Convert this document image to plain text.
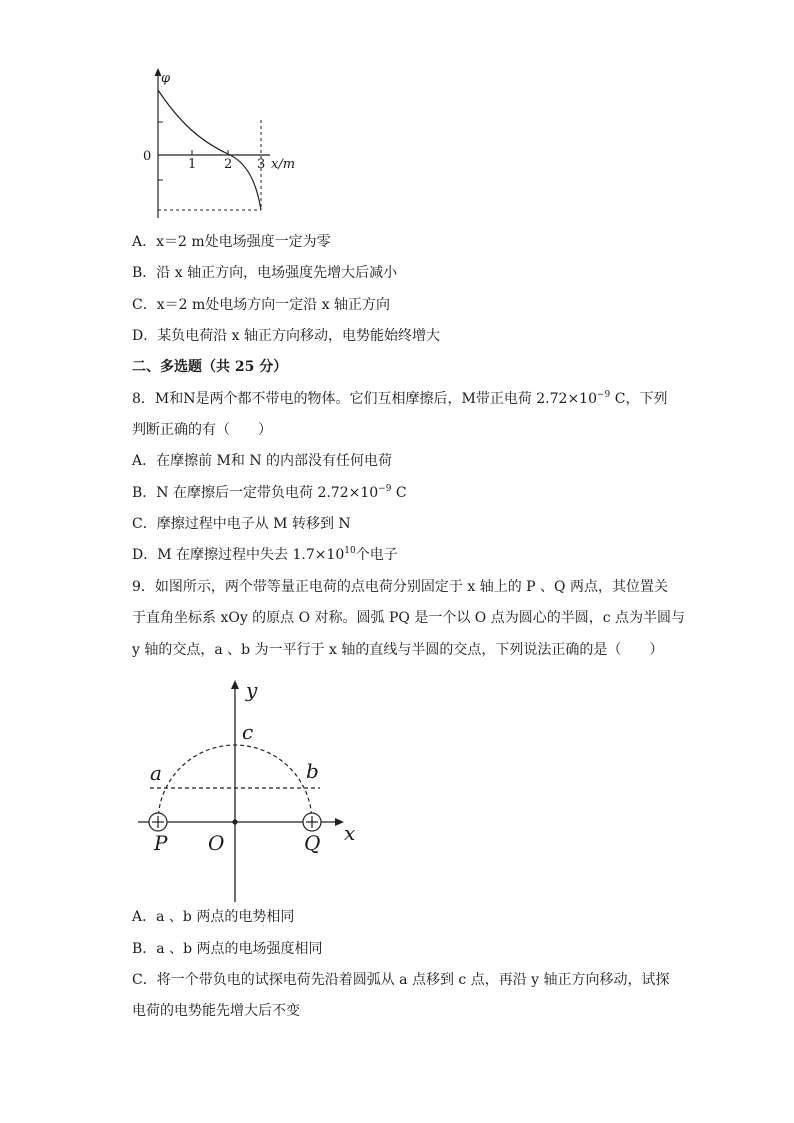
φ
0
1 2 3 x/m
A．x＝2 m处电场强度一定为零
B．沿 x 轴正方向，电场强度先增大后减小
C．x＝2 m处电场方向一定沿 x 轴正方向
D．某负电荷沿 x 轴正方向移动，电势能始终增大
二、多选题（共 25 分）
8．M和N是两个都不带电的物体。它们互相摩擦后，M带正电荷 $2.72\times 10^{-9}$ C，下列
判断正确的有（　　）
A．在摩擦前 M和 N 的内部没有任何电荷
B．N 在摩擦后一定带负电荷 $2.72\times 10^{-9}$ C
C．摩擦过程中电子从 M 转移到 N
D．M 在摩擦过程中失去 $1.7\times 10^{10}$个电子
9．如图所示，两个带等量正电荷的点电荷分别固定于 x 轴上的 P 、Q 两点，其位置关
于直角坐标系 xOy 的原点 O 对称。圆弧 PQ 是一个以 O 点为圆心的半圆，c 点为半圆与
y 轴的交点，a 、b 为一平行于 x 轴的直线与半圆的交点，下列说法正确的是（　　）
y
x
c
a	b
P O	Q
A．a 、b 两点的电势相同
B．a 、b 两点的电场强度相同
C．将一个带负电的试探电荷先沿着圆弧从 a 点移到 c 点，再沿 y 轴正方向移动，试探
电荷的电势能先增大后不变
